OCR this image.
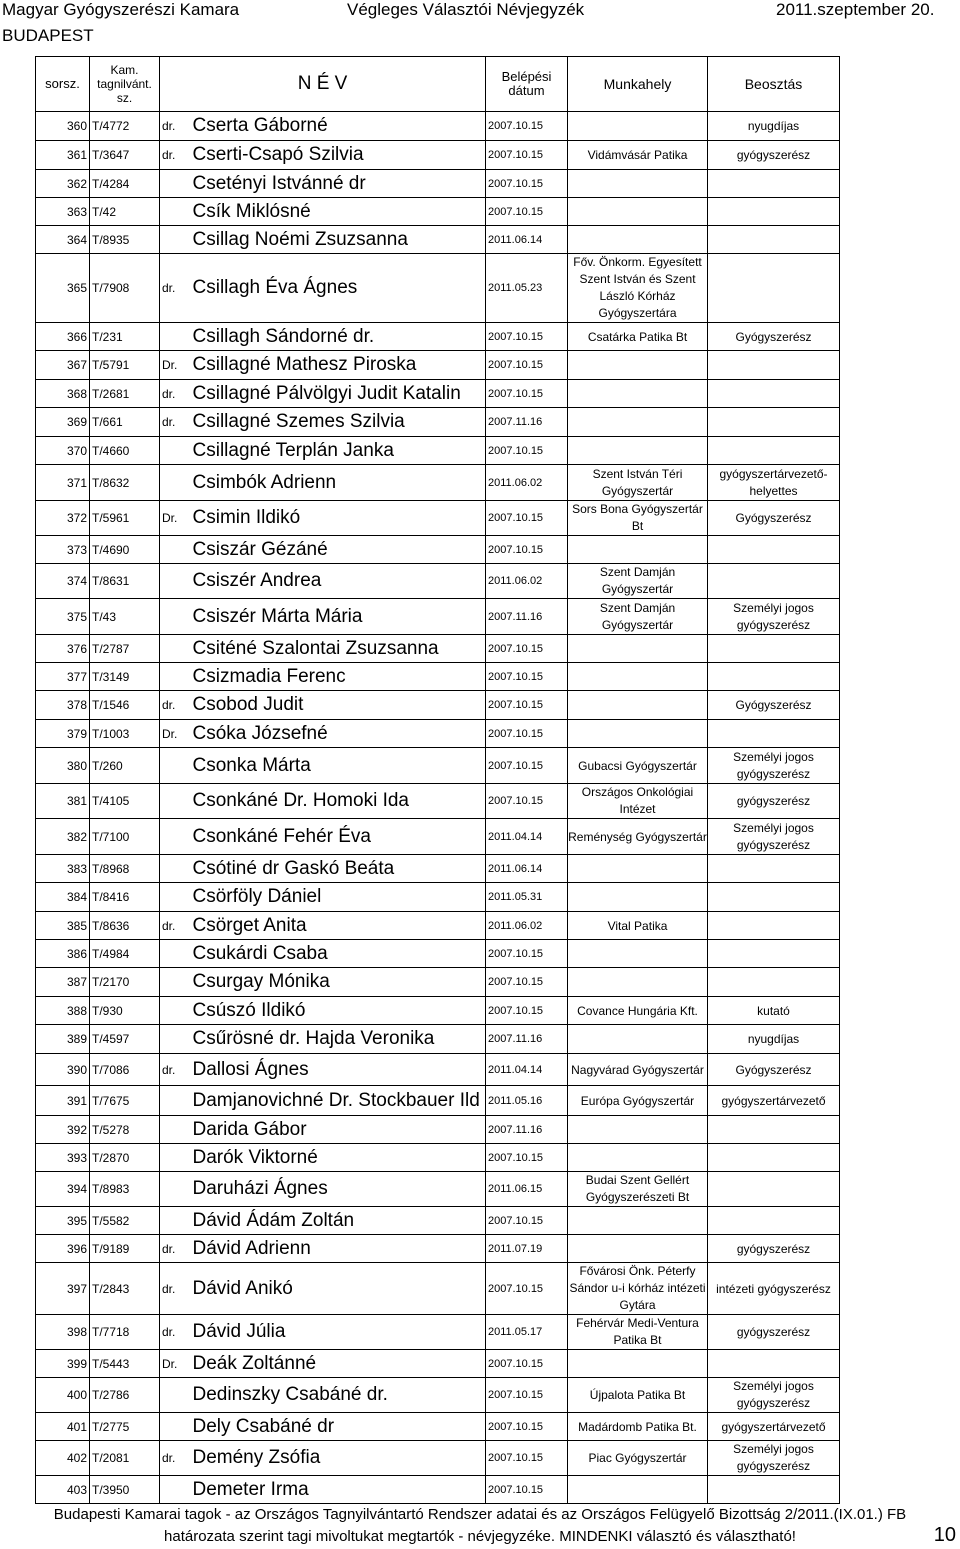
Magyar Gyógyszerészi Kamara
BUDAPEST
Végleges Választói Névjegyzék	2011.szeptember 20.
sorsz.	Kam. tagnilvánt. sz.	N É V		Belépési dátum	Munkahely	Beosztás
360	T/4772	dr.	Cserta Gáborné	2007.10.15		nyugdíjas
361	T/3647	dr.	Cserti-Csapó Szilvia	2007.10.15	Vidámvásár Patika	gyógyszerész
362	T/4284		Csetényi Istvánné dr	2007.10.15		
363	T/42		Csík Miklósné	2007.10.15		
364	T/8935		Csillag Noémi Zsuzsanna	2011.06.14		
365	T/7908	dr.	Csillagh Éva Ágnes	2011.05.23	Főv. Önkorm. Egyesített Szent István és Szent László Kórház Gyógyszertára	
366	T/231		Csillagh Sándorné dr.	2007.10.15	Csatárka Patika Bt	Gyógyszerész
367	T/5791	Dr.	Csillagné Mathesz Piroska	2007.10.15		
368	T/2681	dr.	Csillagné Pálvölgyi Judit Katalin	2007.10.15		
369	T/661	dr.	Csillagné Szemes Szilvia	2007.11.16		
370	T/4660		Csillagné Terplán Janka	2007.10.15		
371	T/8632		Csimbók Adrienn	2011.06.02	Szent István Téri Gyógyszertár	gyógyszertárvezető-helyettes
372	T/5961	Dr.	Csimin Ildikó	2007.10.15	Sors Bona Gyógyszertár Bt	Gyógyszerész
373	T/4690		Csiszár Gézáné	2007.10.15		
374	T/8631		Csiszér Andrea	2011.06.02	Szent Damján Gyógyszertár	
375	T/43		Csiszér Márta Mária	2007.11.16	Szent Damján Gyógyszertár	Személyi jogos gyógyszerész
376	T/2787		Csiténé Szalontai Zsuzsanna	2007.10.15		
377	T/3149		Csizmadia Ferenc	2007.10.15		
378	T/1546	dr.	Csobod Judit	2007.10.15		Gyógyszerész
379	T/1003	Dr.	Csóka Józsefné	2007.10.15		
380	T/260		Csonka Márta	2007.10.15	Gubacsi Gyógyszertár	Személyi jogos gyógyszerész
381	T/4105		Csonkáné Dr. Homoki Ida	2007.10.15	Országos Onkológiai Intézet	gyógyszerész
382	T/7100		Csonkáné Fehér Éva	2011.04.14	Reménység Gyógyszertár	Személyi jogos gyógyszerész
383	T/8968		Csótiné dr Gaskó Beáta	2011.06.14		
384	T/8416		Csörföly Dániel	2011.05.31		
385	T/8636	dr.	Csörget Anita	2011.06.02	Vital Patika	
386	T/4984		Csukárdi Csaba	2007.10.15		
387	T/2170		Csurgay Mónika	2007.10.15		
388	T/930		Csúszó Ildikó	2007.10.15	Covance Hungária Kft.	kutató
389	T/4597		Csűrösné dr. Hajda Veronika	2007.11.16		nyugdíjas
390	T/7086	dr.	Dallosi Ágnes	2011.04.14	Nagyvárad Gyógyszertár	Gyógyszerész
391	T/7675		Damjanovichné Dr. Stockbauer Ild	2011.05.16	Európa Gyógyszertár	gyógyszertárvezető
392	T/5278		Darida Gábor	2007.11.16		
393	T/2870		Darók Viktorné	2007.10.15		
394	T/8983		Daruházi Ágnes	2011.06.15	Budai Szent Gellért Gyógyszerészeti Bt	
395	T/5582		Dávid Ádám Zoltán	2007.10.15		
396	T/9189	dr.	Dávid Adrienn	2011.07.19		gyógyszerész
397	T/2843	dr.	Dávid Anikó	2007.10.15	Fővárosi Önk. Péterfy Sándor u-i kórház intézeti Gytára	intézeti gyógyszerész
398	T/7718	dr.	Dávid Júlia	2011.05.17	Fehérvár Medi-Ventura Patika Bt	gyógyszerész
399	T/5443	Dr.	Deák Zoltánné	2007.10.15		
400	T/2786		Dedinszky Csabáné dr.	2007.10.15	Újpalota Patika Bt	Személyi jogos gyógyszerész
401	T/2775		Dely Csabáné dr	2007.10.15	Madárdomb Patika Bt.	gyógyszertárvezető
402	T/2081	dr.	Demény Zsófia	2007.10.15	Piac Gyógyszertár	Személyi jogos gyógyszerész
403	T/3950		Demeter Irma	2007.10.15		
Budapesti Kamarai tagok - az Országos Tagnyilvántartó Rendszer adatai és az Országos Felügyelő Bizottság 2/2011.(IX.01.) FB
határozata szerint tagi mivoltukat megtartók - névjegyzéke. MINDENKI választó és választható!	10
